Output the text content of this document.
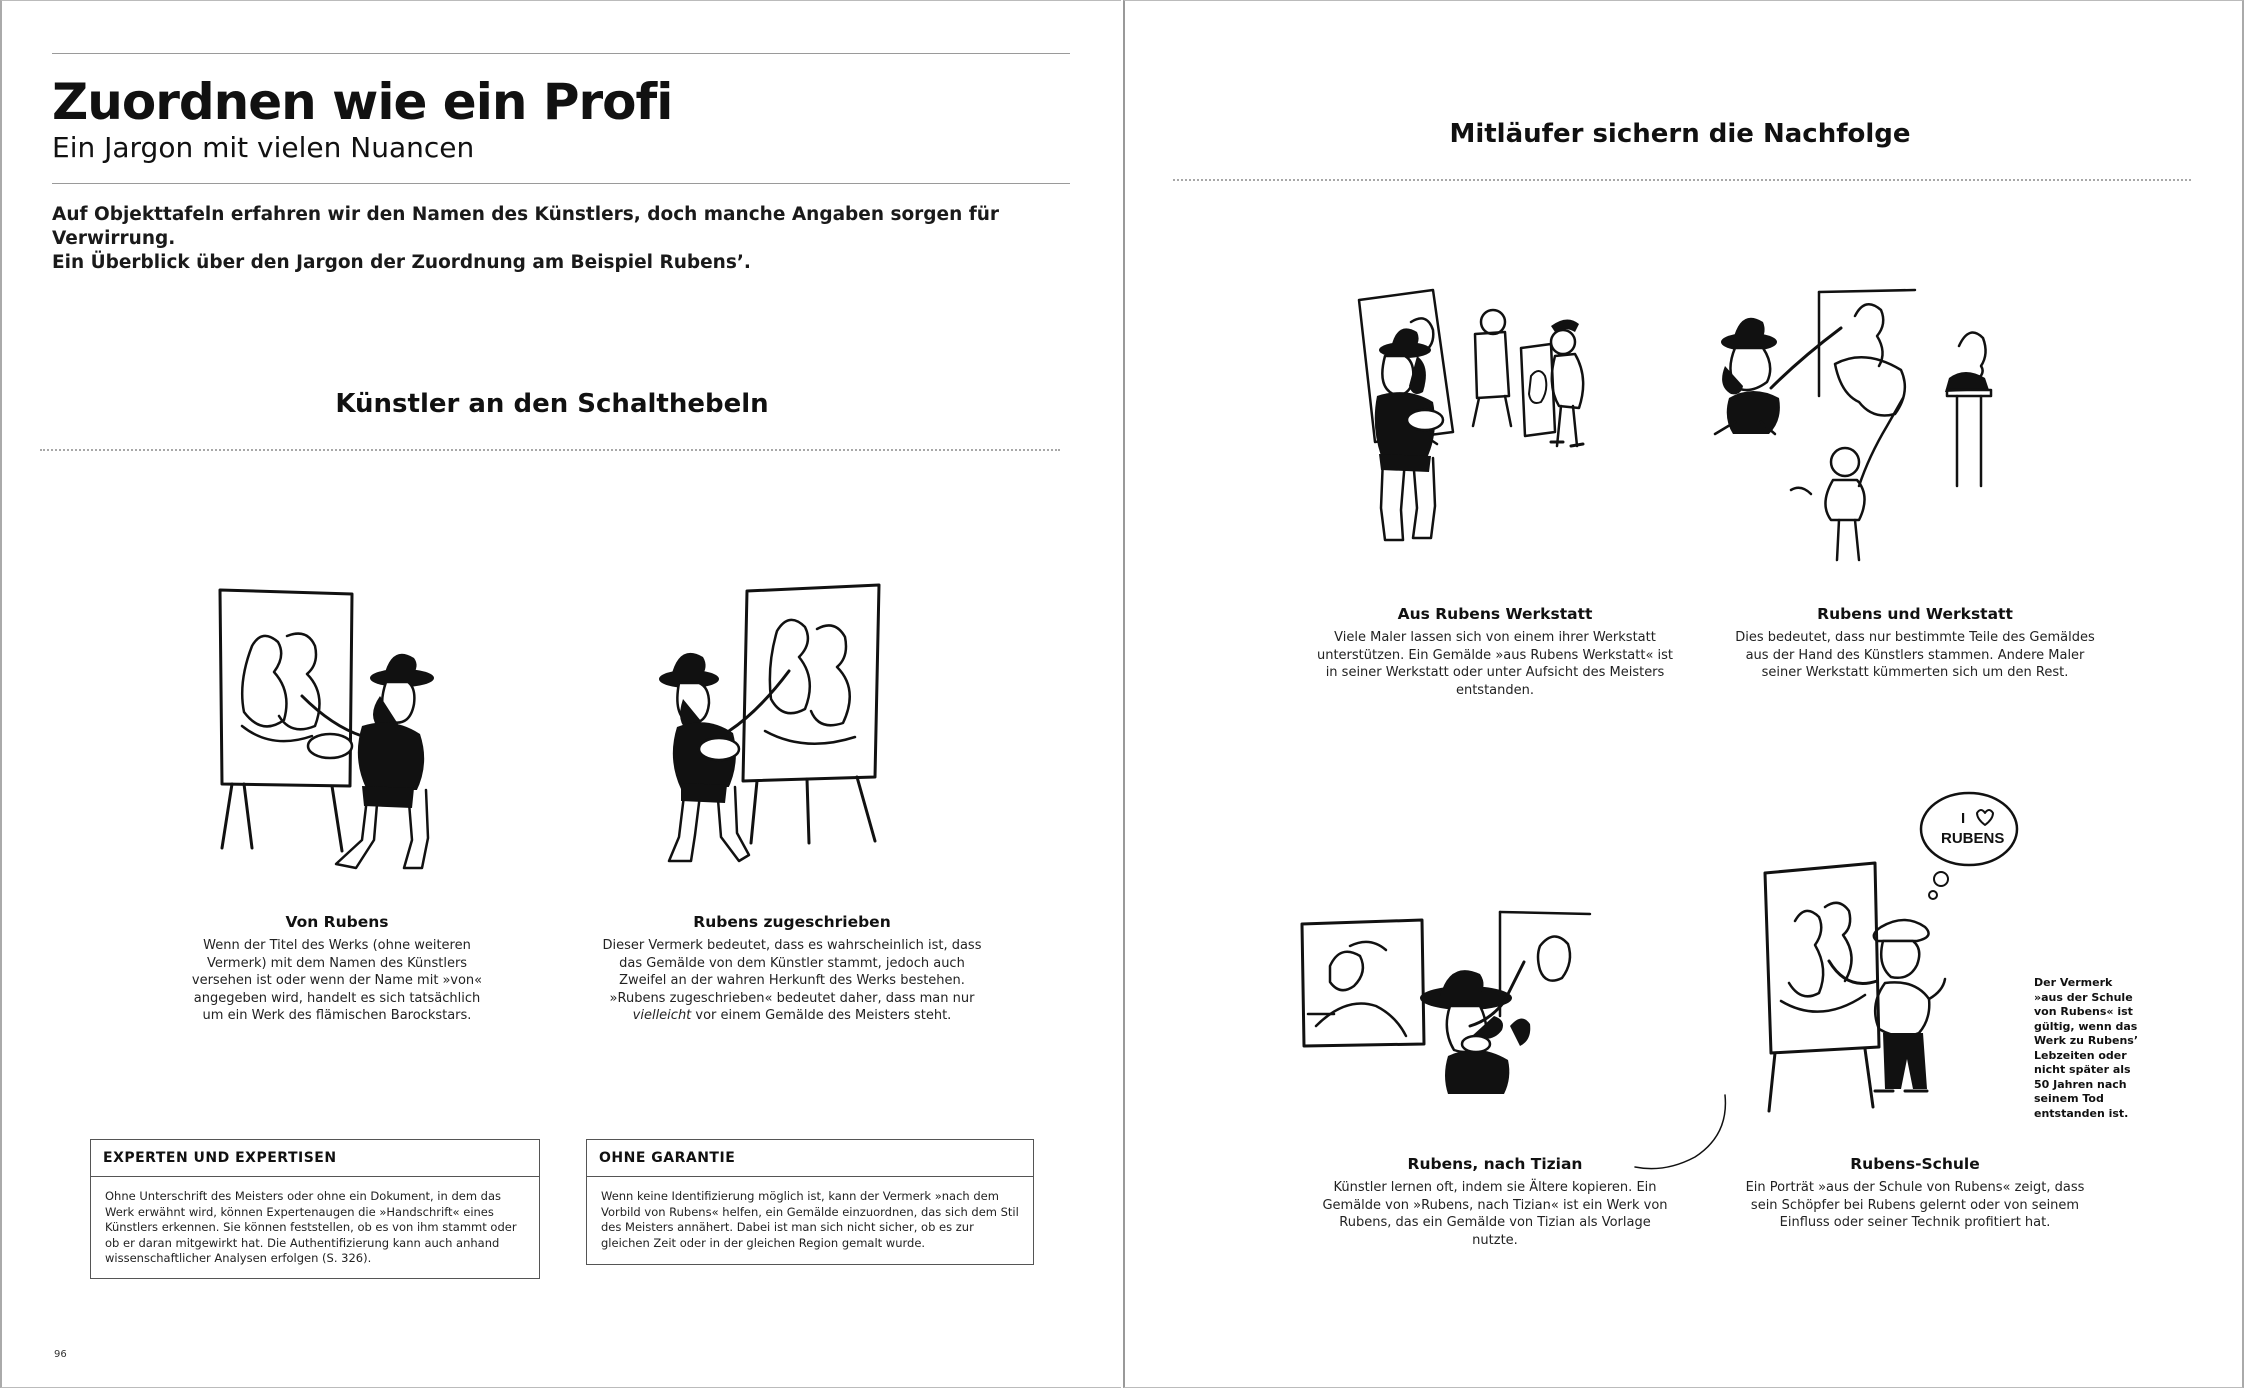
Zuordnen wie ein Profi
Ein Jargon mit vielen Nuancen
Auf Objekttafeln erfahren wir den Namen des Künstlers, doch manche Angaben sorgen für Verwirrung.
Ein Überblick über den Jargon der Zuordnung am Beispiel Rubens’.
Künstler an den Schalthebeln
Von Rubens
Wenn der Titel des Werks (ohne weiteren Vermerk) mit dem Namen des Künstlers versehen ist oder wenn der Name mit »von« angegeben wird, handelt es sich tatsächlich um ein Werk des flämischen Barockstars.
Rubens zugeschrieben
Dieser Vermerk bedeutet, dass es wahrscheinlich ist, dass das Gemälde von dem Künstler stammt, jedoch auch Zweifel an der wahren Herkunft des Werks bestehen. »Rubens zugeschrieben« bedeutet daher, dass man nur vielleicht vor einem Gemälde des Meisters steht.
EXPERTEN UND EXPERTISEN
Ohne Unterschrift des Meisters oder ohne ein Dokument, in dem das Werk erwähnt wird, können Expertenaugen die »Handschrift« eines Künstlers erkennen. Sie können feststellen, ob es von ihm stammt oder ob er daran mitgewirkt hat. Die Authentifizierung kann auch anhand wissenschaftlicher Analysen erfolgen (S. 326).
OHNE GARANTIE
Wenn keine Identifizierung möglich ist, kann der Vermerk »nach dem Vorbild von Rubens« helfen, ein Gemälde einzuordnen, das sich dem Stil des Meisters annähert. Dabei ist man sich nicht sicher, ob es zur gleichen Zeit oder in der gleichen Region gemalt wurde.
96
Mitläufer sichern die Nachfolge
Aus Rubens Werkstatt
Viele Maler lassen sich von einem ihrer Werkstatt unterstützen. Ein Gemälde »aus Rubens Werkstatt« ist in seiner Werkstatt oder unter Aufsicht des Meisters entstanden.
Rubens und Werkstatt
Dies bedeutet, dass nur bestimmte Teile des Gemäldes aus der Hand des Künstlers stammen. Andere Maler seiner Werkstatt kümmerten sich um den Rest.
I
RUBENS
Der Vermerk »aus der Schule von Rubens« ist gültig, wenn das Werk zu Rubens’ Lebzeiten oder nicht später als 50 Jahren nach seinem Tod entstanden ist.
Rubens, nach Tizian
Künstler lernen oft, indem sie Ältere kopieren. Ein Gemälde von »Rubens, nach Tizian« ist ein Werk von Rubens, das ein Gemälde von Tizian als Vorlage nutzte.
Rubens-Schule
Ein Porträt »aus der Schule von Rubens« zeigt, dass sein Schöpfer bei Rubens gelernt oder von seinem Einfluss oder seiner Technik profitiert hat.
